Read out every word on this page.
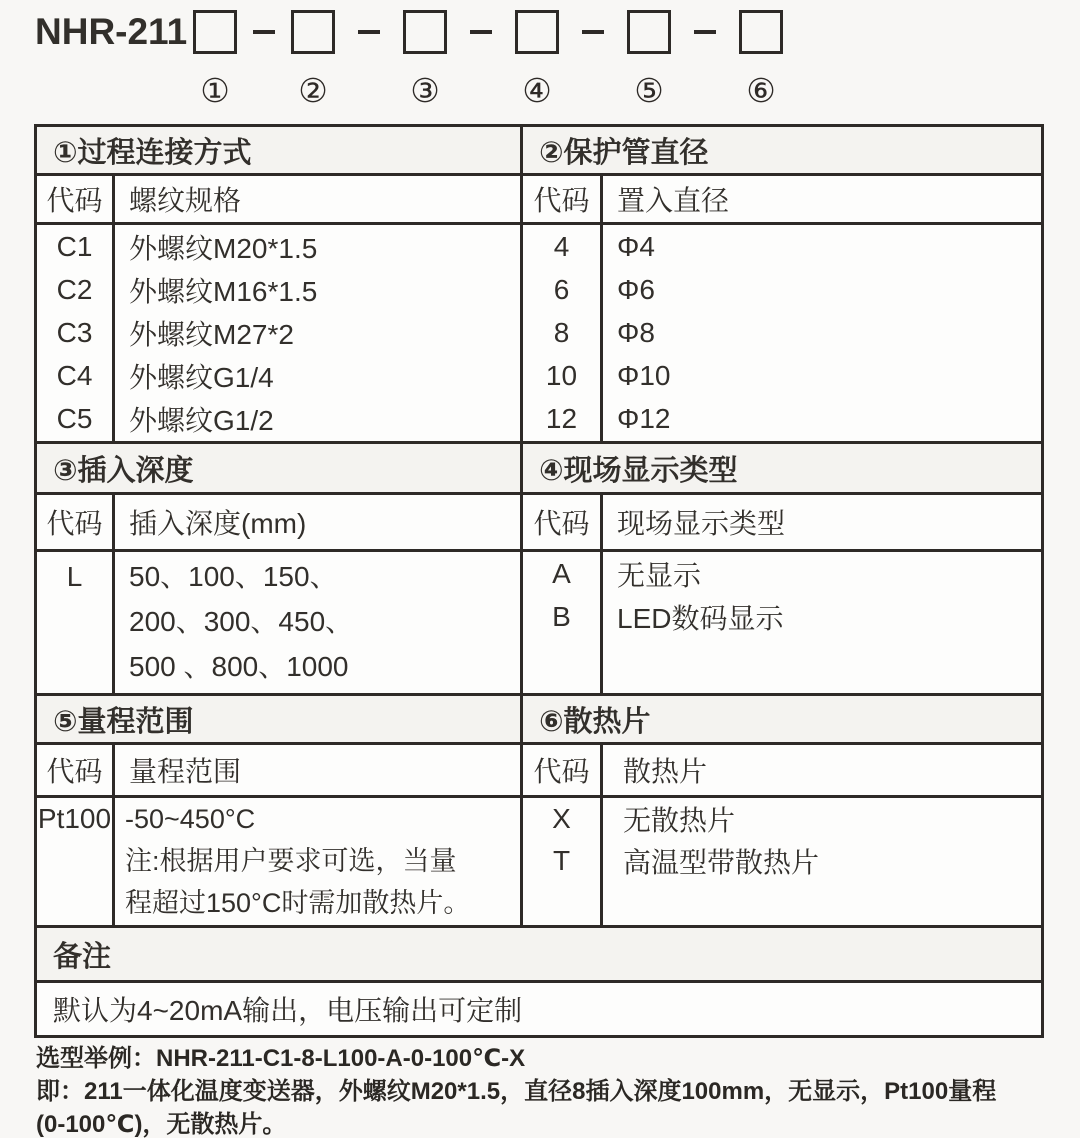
NHR-211
① ② ③ ④ ⑤ ⑥
①过程连接方式
代码 螺纹规格
C1
C2
C3
C4
C5
外螺纹M20*1.5
外螺纹M16*1.5
外螺纹M27*2
外螺纹G1/4
外螺纹G1/2
②保护管直径
代码 置入直径
4
6
8
10
12
Φ4
Φ6
Φ8
Φ10
Φ12
③插入深度
代码 插入深度(mm)
L	50、100、150、
200、300、450、
500 、800、1000
④现场显示类型
代码 现场显示类型
A
B
无显示
LED数码显示
⑤量程范围
代码 量程范围
Pt100 -50~450°C
注:根据用户要求可选，当量
程超过150°C时需加散热片。
⑥散热片
代码	散热片
X
T
无散热片
高温型带散热片
备注
默认为4~20mA输出，电压输出可定制
选型举例：NHR-211-C1-8-L100-A-0-100℃-X
即：211一体化温度变送器，外螺纹M20*1.5，直径8插入深度100mm，无显示，Pt100量程
(0-100℃)，无散热片。
